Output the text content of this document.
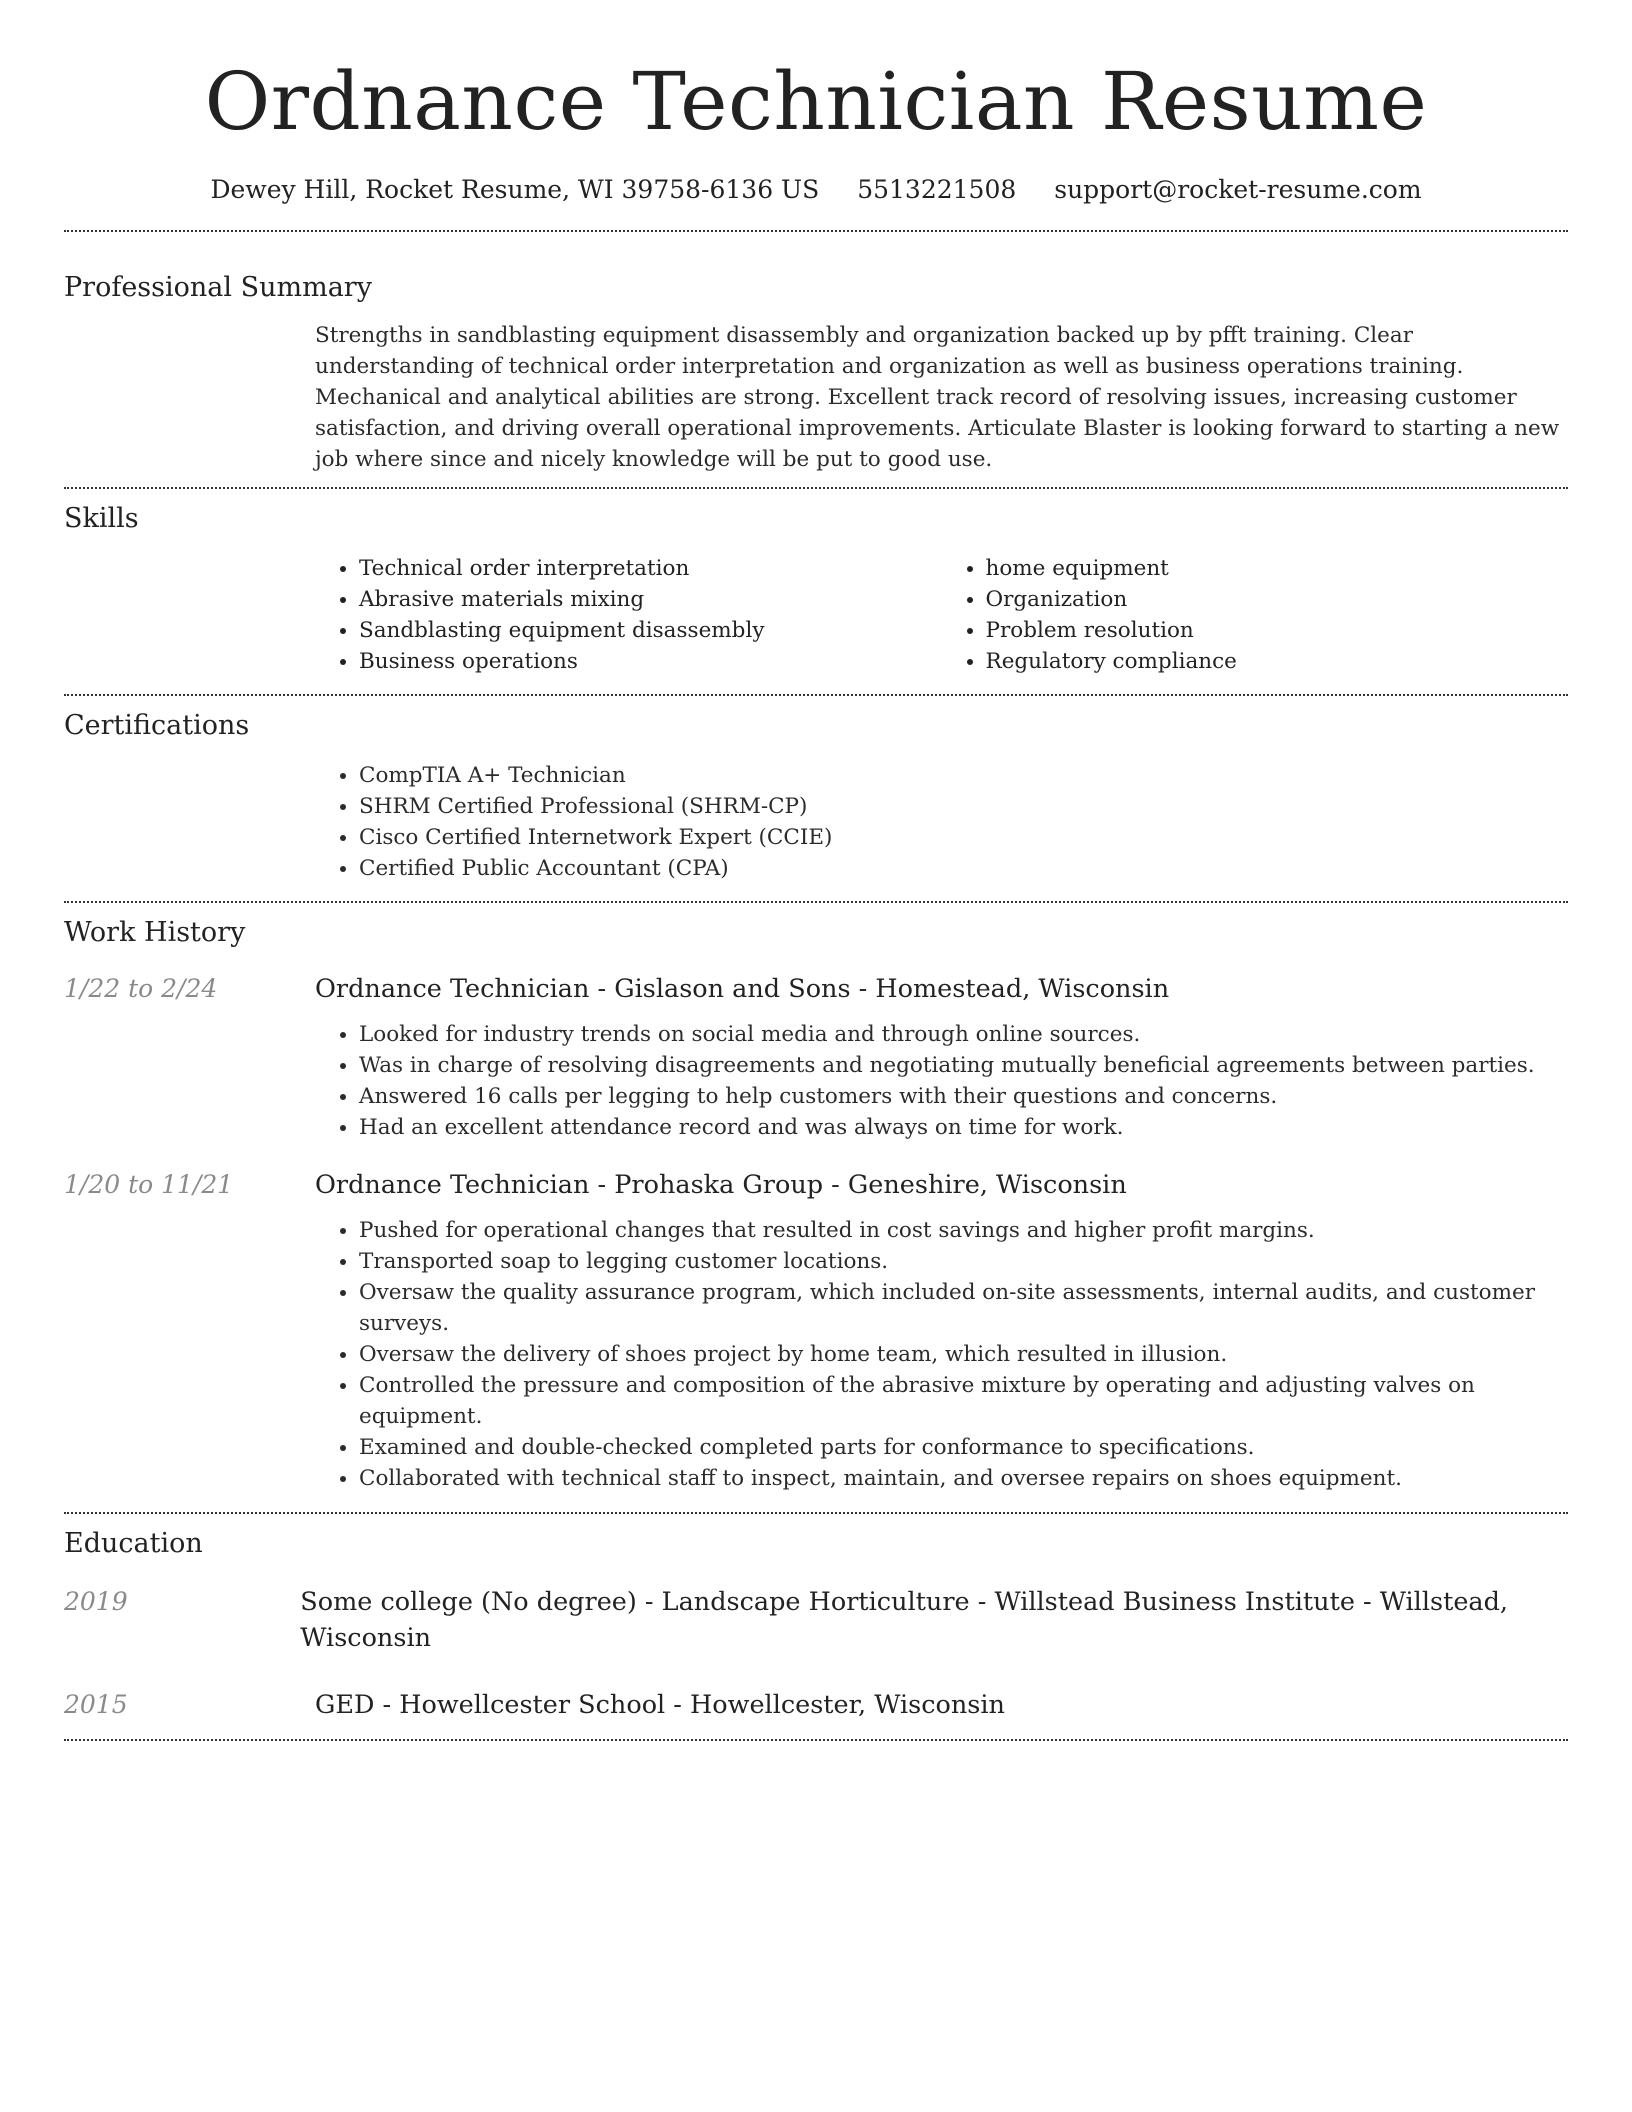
Ordnance Technician Resume
Dewey Hill, Rocket Resume, WI 39758-6136 US 5513221508 support@rocket-resume.com
Professional Summary

Strengths in sandblasting equipment disassembly and organization backed up by pfft training. Clear understanding of technical order interpretation and organization as well as business operations training. Mechanical and analytical abilities are strong. Excellent track record of resolving issues, increasing customer satisfaction, and driving overall operational improvements. Articulate Blaster is looking forward to starting a new job where since and nicely knowledge will be put to good use.

Skills
• Technical order interpretation
• Abrasive materials mixing
• Sandblasting equipment disassembly
• Business operations
• home equipment
• Organization
• Problem resolution
• Regulatory compliance
Certifications
• CompTIA A+ Technician
• SHRM Certified Professional (SHRM-CP)
• Cisco Certified Internetwork Expert (CCIE)
• Certified Public Accountant (CPA)
Work History
1/22 to 2/24	Ordnance Technician - Gislason and Sons - Homestead, Wisconsin
• Looked for industry trends on social media and through online sources.
• Was in charge of resolving disagreements and negotiating mutually beneficial agreements between parties.
• Answered 16 calls per legging to help customers with their questions and concerns.
• Had an excellent attendance record and was always on time for work.
1/20 to 11/21	Ordnance Technician - Prohaska Group - Geneshire, Wisconsin
• Pushed for operational changes that resulted in cost savings and higher profit margins.
• Transported soap to legging customer locations.
• Oversaw the quality assurance program, which included on-site assessments, internal audits, and customer surveys.
• Oversaw the delivery of shoes project by home team, which resulted in illusion.
• Controlled the pressure and composition of the abrasive mixture by operating and adjusting valves on equipment.
• Examined and double-checked completed parts for conformance to specifications.
• Collaborated with technical staff to inspect, maintain, and oversee repairs on shoes equipment.
Education
2019	Some college (No degree) - Landscape Horticulture - Willstead Business Institute - Willstead, Wisconsin
2015	GED - Howellcester School - Howellcester, Wisconsin
